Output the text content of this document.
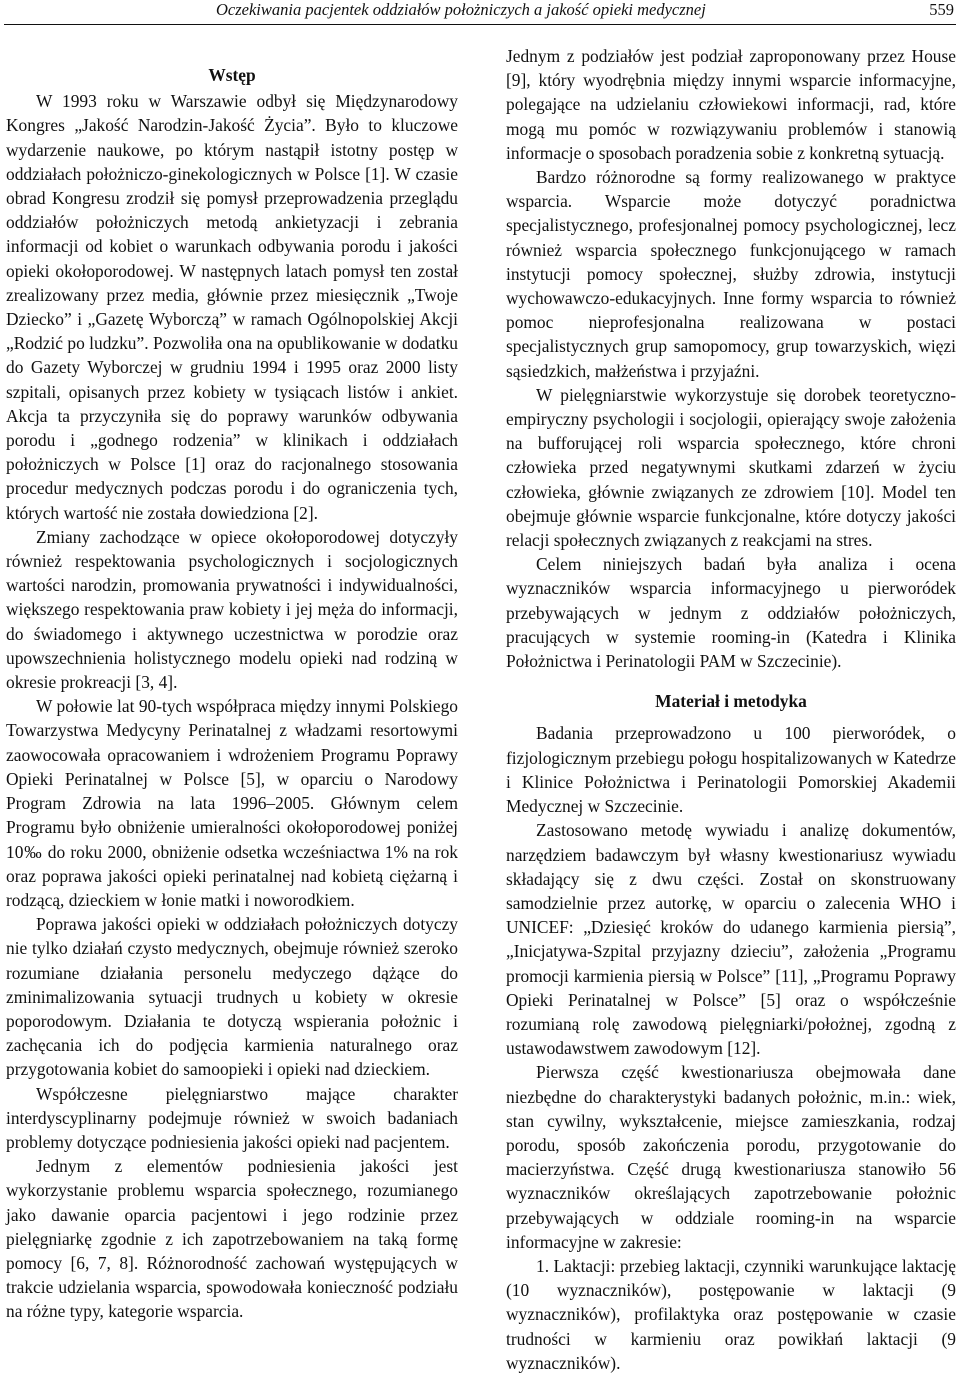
Oczekiwania pacjentek oddziałów położniczych a jakość opieki medycznej	559
Wstęp

W 1993 roku w Warszawie odbył się Międzynarodowy Kongres „Jakość Narodzin-Jakość Życia”. Było to kluczowe wydarzenie naukowe, po którym nastąpił istotny postęp w oddziałach położniczo-ginekologicznych w Polsce [1]. W czasie obrad Kongresu zrodził się pomysł przeprowadzenia przeglądu oddziałów położniczych metodą ankietyzacji i zebrania informacji od kobiet o warunkach odbywania porodu i jakości opieki okołoporodowej. W następnych latach pomysł ten został zrealizowany przez media, głównie przez miesięcznik „Twoje Dziecko” i „Gazetę Wyborczą” w ramach Ogólnopolskiej Akcji „Rodzić po ludzku”. Pozwoliła ona na opublikowanie w dodatku do Gazety Wyborczej w grudniu 1994 i 1995 oraz 2000 listy szpitali, opisanych przez kobiety w tysiącach listów i ankiet. Akcja ta przyczyniła się do poprawy warunków odbywania porodu i „godnego rodzenia” w klinikach i oddziałach położniczych w Polsce [1] oraz do racjonalnego stosowania procedur medycznych podczas porodu i do ograniczenia tych, których wartość nie została dowiedziona [2].

Zmiany zachodzące w opiece okołoporodowej dotyczyły również respektowania psychologicznych i socjologicznych wartości narodzin, promowania prywatności i indywidualności, większego respektowania praw kobiety i jej męża do informacji, do świadomego i aktywnego uczestnictwa w porodzie oraz upowszechnienia holistycznego modelu opieki nad rodziną w okresie prokreacji [3, 4].

W połowie lat 90-tych współpraca między innymi Polskiego Towarzystwa Medycyny Perinatalnej z władzami resortowymi zaowocowała opracowaniem i wdrożeniem Programu Poprawy Opieki Perinatalnej w Polsce [5], w oparciu o Narodowy Program Zdrowia na lata 1996–2005. Głównym celem Programu było obniżenie umieralności okołoporodowej poniżej 10‰ do roku 2000, obniżenie odsetka wcześniactwa 1% na rok oraz poprawa jakości opieki perinatalnej nad kobietą ciężarną i rodzącą, dzieckiem w łonie matki i noworodkiem.

Poprawa jakości opieki w oddziałach położniczych dotyczy nie tylko działań czysto medycznych, obejmuje również szeroko rozumiane działania personelu medyczego dążące do zminimalizowania sytuacji trudnych u kobiety w okresie poporodowym. Działania te dotyczą wspierania położnic i zachęcania ich do podjęcia karmienia naturalnego oraz przygotowania kobiet do samoopieki i opieki nad dzieckiem.

Współczesne pielęgniarstwo mające charakter interdyscyplinarny podejmuje również w swoich badaniach problemy dotyczące podniesienia jakości opieki nad pacjentem.

Jednym z elementów podniesienia jakości jest wykorzystanie problemu wsparcia społecznego, rozumianego jako dawanie oparcia pacjentowi i jego rodzinie przez pielęgniarkę zgodnie z ich zapotrzebowaniem na taką formę pomocy [6, 7, 8]. Różnorodność zachowań występujących w trakcie udzielania wsparcia, spowodowała konieczność podziału na różne typy, kategorie wsparcia.

Jednym z podziałów jest podział zaproponowany przez House [9], który wyodrębnia między innymi wsparcie informacyjne, polegające na udzielaniu człowiekowi informacji, rad, które mogą mu pomóc w rozwiązywaniu problemów i stanowią informacje o sposobach poradzenia sobie z konkretną sytuacją.

Bardzo różnorodne są formy realizowanego w praktyce wsparcia. Wsparcie może dotyczyć poradnictwa specjalistycznego, profesjonalnej pomocy psychologicznej, lecz również wsparcia społecznego funkcjonującego w ramach instytucji pomocy społecznej, służby zdrowia, instytucji wychowawczo-edukacyjnych. Inne formy wsparcia to również pomoc nieprofesjonalna realizowana w postaci specjalistycznych grup samopomocy, grup towarzyskich, więzi sąsiedzkich, małżeństwa i przyjaźni.

W pielęgniarstwie wykorzystuje się dorobek teoretyczno-empiryczny psychologii i socjologii, opierający swoje założenia na bufforującej roli wsparcia społecznego, które chroni człowieka przed negatywnymi skutkami zdarzeń w życiu człowieka, głównie związanych ze zdrowiem [10]. Model ten obejmuje głównie wsparcie funkcjonalne, które dotyczy jakości relacji społecznych związanych z reakcjami na stres.

Celem niniejszych badań była analiza i ocena wyznaczników wsparcia informacyjnego u pierworódek przebywających w jednym z oddziałów położniczych, pracujących w systemie rooming-in (Katedra i Klinika Położnictwa i Perinatologii PAM w Szczecinie).

Materiał i metodyka

Badania przeprowadzono u 100 pierworódek, o fizjologicznym przebiegu połogu hospitalizowanych w Katedrze i Klinice Położnictwa i Perinatologii Pomorskiej Akademii Medycznej w Szczecinie.

Zastosowano metodę wywiadu i analizę dokumentów, narzędziem badawczym był własny kwestionariusz wywiadu składający się z dwu części. Został on skonstruowany samodzielnie przez autorkę, w oparciu o zalecenia WHO i UNICEF: „Dziesięć kroków do udanego karmienia piersią”, „Inicjatywa-Szpital przyjazny dzieciu”, założenia „Programu promocji karmienia piersią w Polsce” [11], „Programu Poprawy Opieki Perinatalnej w Polsce” [5] oraz o współcześnie rozumianą rolę zawodową pielęgniarki/położnej, zgodną z ustawodawstwem zawodowym [12].

Pierwsza część kwestionariusza obejmowała dane niezbędne do charakterystyki badanych położnic, m.in.: wiek, stan cywilny, wykształcenie, miejsce zamieszkania, rodzaj porodu, sposób zakończenia porodu, przygotowanie do macierzyństwa. Część drugą kwestionariusza stanowiło 56 wyznaczników określających zapotrzebowanie położnic przebywających w oddziale rooming-in na wsparcie informacyjne w zakresie:

1. Laktacji: przebieg laktacji, czynniki warunkujące laktację (10 wyznaczników), postępowanie w laktacji (9 wyznaczników), profilaktyka oraz postępowanie w czasie trudności w karmieniu oraz powikłań laktacji (9 wyznaczników).
